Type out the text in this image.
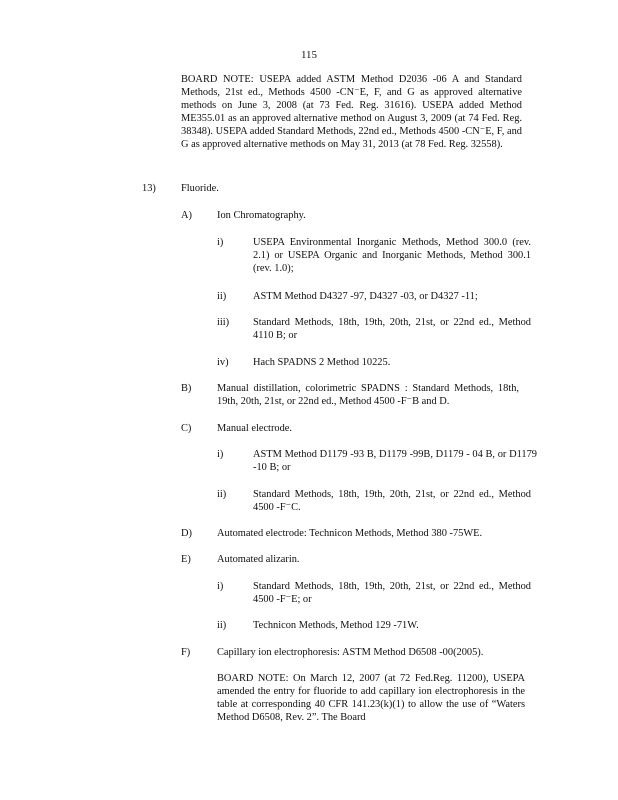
115

BOARD NOTE: USEPA added ASTM Method D2036 -06 A and Standard Methods, 21st ed., Methods 4500 -CN⁻E, F, and G as approved alternative methods on June 3, 2008 (at 73 Fed. Reg. 31616). USEPA added Method ME355.01 as an approved alternative method on August 3, 2009 (at 74 Fed. Reg. 38348). USEPA added Standard Methods, 22nd ed., Methods 4500 -CN⁻E, F, and G as approved alternative methods on May 31, 2013 (at 78 Fed. Reg. 32558).

13) Fluoride.
A) Ion Chromatography.
i)	USEPA Environmental Inorganic Methods, Method 300.0 (rev. 2.1) or USEPA Organic and Inorganic Methods, Method 300.1 (rev. 1.0);

ii)	ASTM Method D4327 -97, D4327 -03, or D4327 -11;

iii) Standard Methods, 18th, 19th, 20th, 21st, or 22nd ed., Method 4110 B; or

iv) Hach SPADNS 2 Method 10225.

B) Manual distillation, colorimetric SPADNS : Standard Methods, 18th, 19th, 20th, 21st, or 22nd ed., Method 4500 -F⁻B and D.

C) Manual electrode.
i)	ASTM Method D1179 -93 B, D1179 -99B, D1179 - 04 B, or D1179 -10 B; or

ii)	Standard Methods, 18th, 19th, 20th, 21st, or 22nd ed., Method 4500 -F⁻C.

D) Automated electrode: Technicon Methods, Method 380 -75WE.

E)	Automated alizarin.
i)	Standard Methods, 18th, 19th, 20th, 21st, or 22nd ed., Method 4500 -F⁻E; or

ii)	Technicon Methods, Method 129 -71W.

F)	Capillary ion electrophoresis: ASTM Method D6508 -00(2005).

BOARD NOTE: On March 12, 2007 (at 72 Fed.Reg. 11200), USEPA amended the entry for fluoride to add capillary ion electrophoresis in the table at corresponding 40 CFR 141.23(k)(1) to allow the use of “Waters Method D6508, Rev. 2”. The Board
